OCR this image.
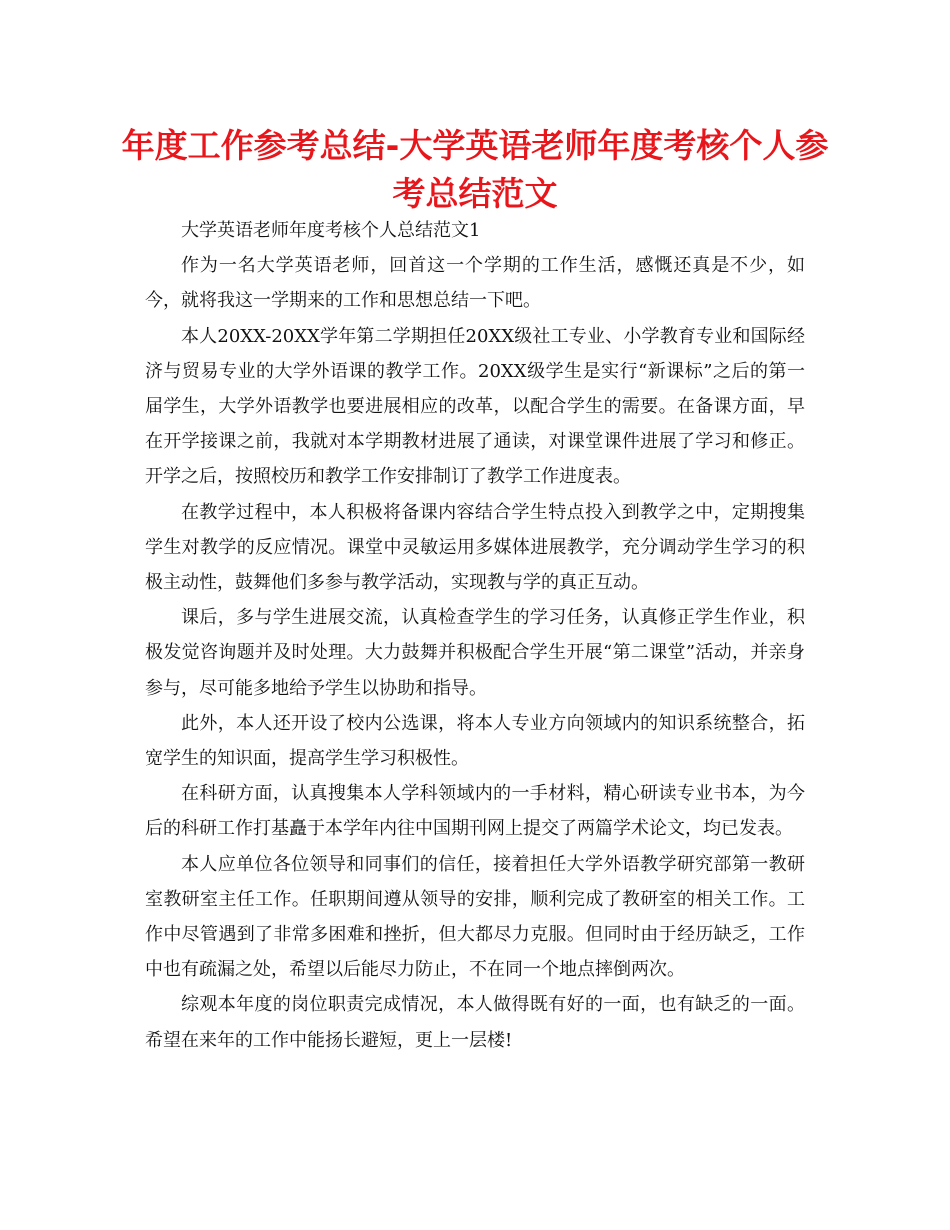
年度工作参考总结-大学英语老师年度考核个人参考总结范文

大学英语老师年度考核个人总结范文1

作为一名大学英语老师，回首这一个学期的工作生活，感慨还真是不少，如今，就将我这一学期来的工作和思想总结一下吧。

本人20XX-20XX学年第二学期担任20XX级社工专业、小学教育专业和国际经济与贸易专业的大学外语课的教学工作。20XX级学生是实行“新课标”之后的第一届学生，大学外语教学也要进展相应的改革，以配合学生的需要。在备课方面，早在开学接课之前，我就对本学期教材进展了通读，对课堂课件进展了学习和修正。开学之后，按照校历和教学工作安排制订了教学工作进度表。

在教学过程中，本人积极将备课内容结合学生特点投入到教学之中，定期搜集学生对教学的反应情况。课堂中灵敏运用多媒体进展教学，充分调动学生学习的积极主动性，鼓舞他们多参与教学活动，实现教与学的真正互动。

课后，多与学生进展交流，认真检查学生的学习任务，认真修正学生作业，积极发觉咨询题并及时处理。大力鼓舞并积极配合学生开展“第二课堂”活动，并亲身参与，尽可能多地给予学生以协助和指导。

此外，本人还开设了校内公选课，将本人专业方向领域内的知识系统整合，拓宽学生的知识面，提高学生学习积极性。

在科研方面，认真搜集本人学科领域内的一手材料，精心研读专业书本，为今后的科研工作打基矗于本学年内往中国期刊网上提交了两篇学术论文，均已发表。

本人应单位各位领导和同事们的信任，接着担任大学外语教学研究部第一教研室教研室主任工作。任职期间遵从领导的安排，顺利完成了教研室的相关工作。工作中尽管遇到了非常多困难和挫折，但大都尽力克服。但同时由于经历缺乏，工作中也有疏漏之处，希望以后能尽力防止，不在同一个地点摔倒两次。

综观本年度的岗位职责完成情况，本人做得既有好的一面，也有缺乏的一面。希望在来年的工作中能扬长避短，更上一层楼!
